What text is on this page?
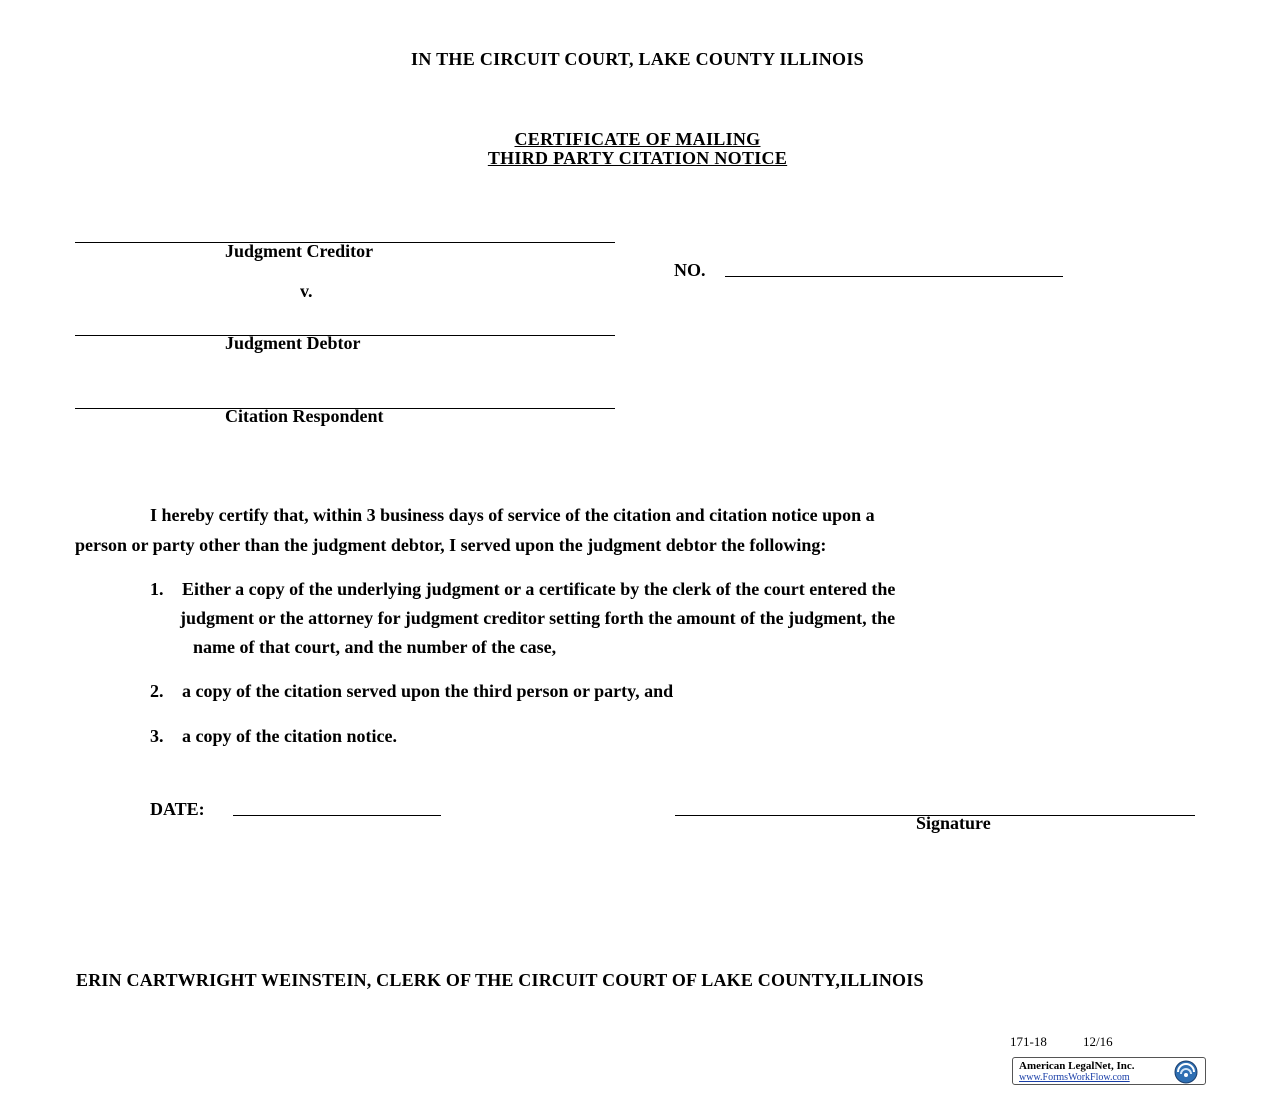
IN THE CIRCUIT COURT, LAKE COUNTY ILLINOIS
CERTIFICATE OF MAILING
THIRD PARTY CITATION NOTICE
Judgment Creditor
v.
Judgment Debtor
Citation Respondent
NO.
I hereby certify that, within 3 business days of service of the citation and citation notice upon a
person or party other than the judgment debtor, I served upon the judgment debtor the following:
1. Either a copy of the underlying judgment or a certificate by the clerk of the court entered the
judgment or the attorney for judgment creditor setting forth the amount of the judgment, the
name of that court, and the number of the case,
2. a copy of the citation served upon the third person or party, and
3. a copy of the citation notice.
DATE:
Signature
ERIN CARTWRIGHT WEINSTEIN, CLERK OF THE CIRCUIT COURT OF LAKE COUNTY,ILLINOIS
171-18	12/16
American LegalNet, Inc.
www.FormsWorkFlow.com
